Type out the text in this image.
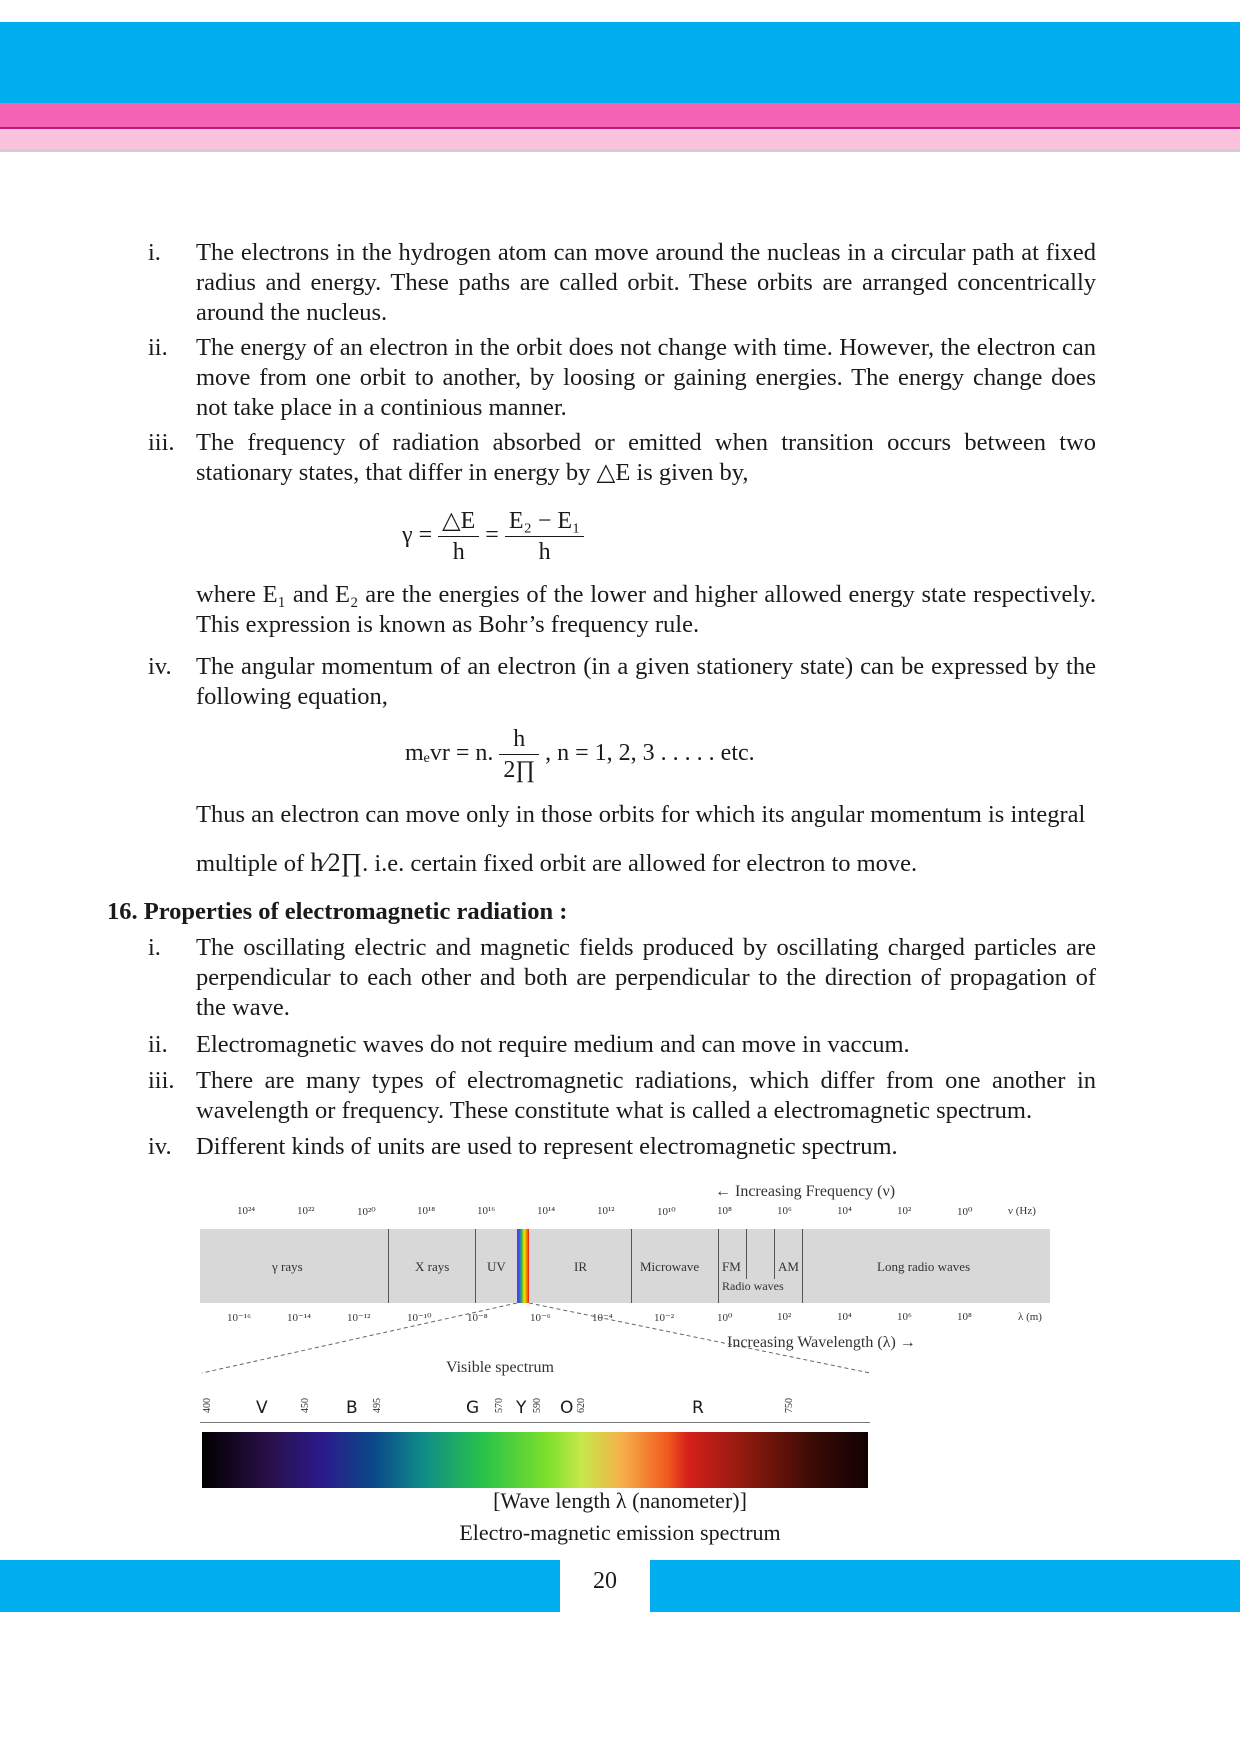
i. The electrons in the hydrogen atom can move around the nucleas in a circular path at fixed radius and energy. These paths are called orbit. These orbits are arranged concentrically around the nucleus.
ii. The energy of an electron in the orbit does not change with time. However, the electron can move from one orbit to another, by loosing or gaining energies. The energy change does not take place in a continious manner.
iii. The frequency of radiation absorbed or emitted when transition occurs between two stationary states, that differ in energy by △E is given by,
$\gamma = \frac{\triangle E}{h} = \frac{\text{E₂ − E₁}}{h}$
where E₁ and E₂ are the energies of the lower and higher allowed energy state respectively. This expression is known as Bohr’s frequency rule.
iv. The angular momentum of an electron (in a given stationery state) can be expressed by the following equation,
mₑvr = n. $\frac{h}{2\prod}$ , n = 1, 2, 3 . . . . . etc.
Thus an electron can move only in those orbits for which its angular momentum is integral
multiple of h⁄2∏. i.e. certain fixed orbit are allowed for electron to move.
16. Properties of electromagnetic radiation :
i. The oscillating electric and magnetic fields produced by oscillating charged particles are perpendicular to each other and both are perpendicular to the direction of propagation of the wave.
ii. Electromagnetic waves do not require medium and can move in vaccum.
iii. There are many types of electromagnetic radiations, which differ from one another in wavelength or frequency. These constitute what is called a electromagnetic spectrum.
iv. Different kinds of units are used to represent electromagnetic spectrum.
← Increasing Frequency (ν)
10²⁴	10²²	10²⁰	10¹⁸	10¹⁶	10¹⁴	10¹²	10¹⁰	10⁸	10⁶	10⁴	10²	10⁰	ν (Hz)
γ rays	X rays	UV	IR	Microwave FM	AM
Radio waves
Long radio waves
10⁻¹⁶	10⁻¹⁴	10⁻¹²	10⁻¹⁰	10⁻⁸	10⁻⁶	10⁻⁴	10⁻²	10⁰	10²	10⁴	10⁶	10⁸	λ (m)
Increasing Wavelength (λ) →
Visible spectrum
400	V	450 B 495	G 570 Y 590 O 620	R	750
[Wave length λ (nanometer)]
Electro-magnetic emission spectrum
20
